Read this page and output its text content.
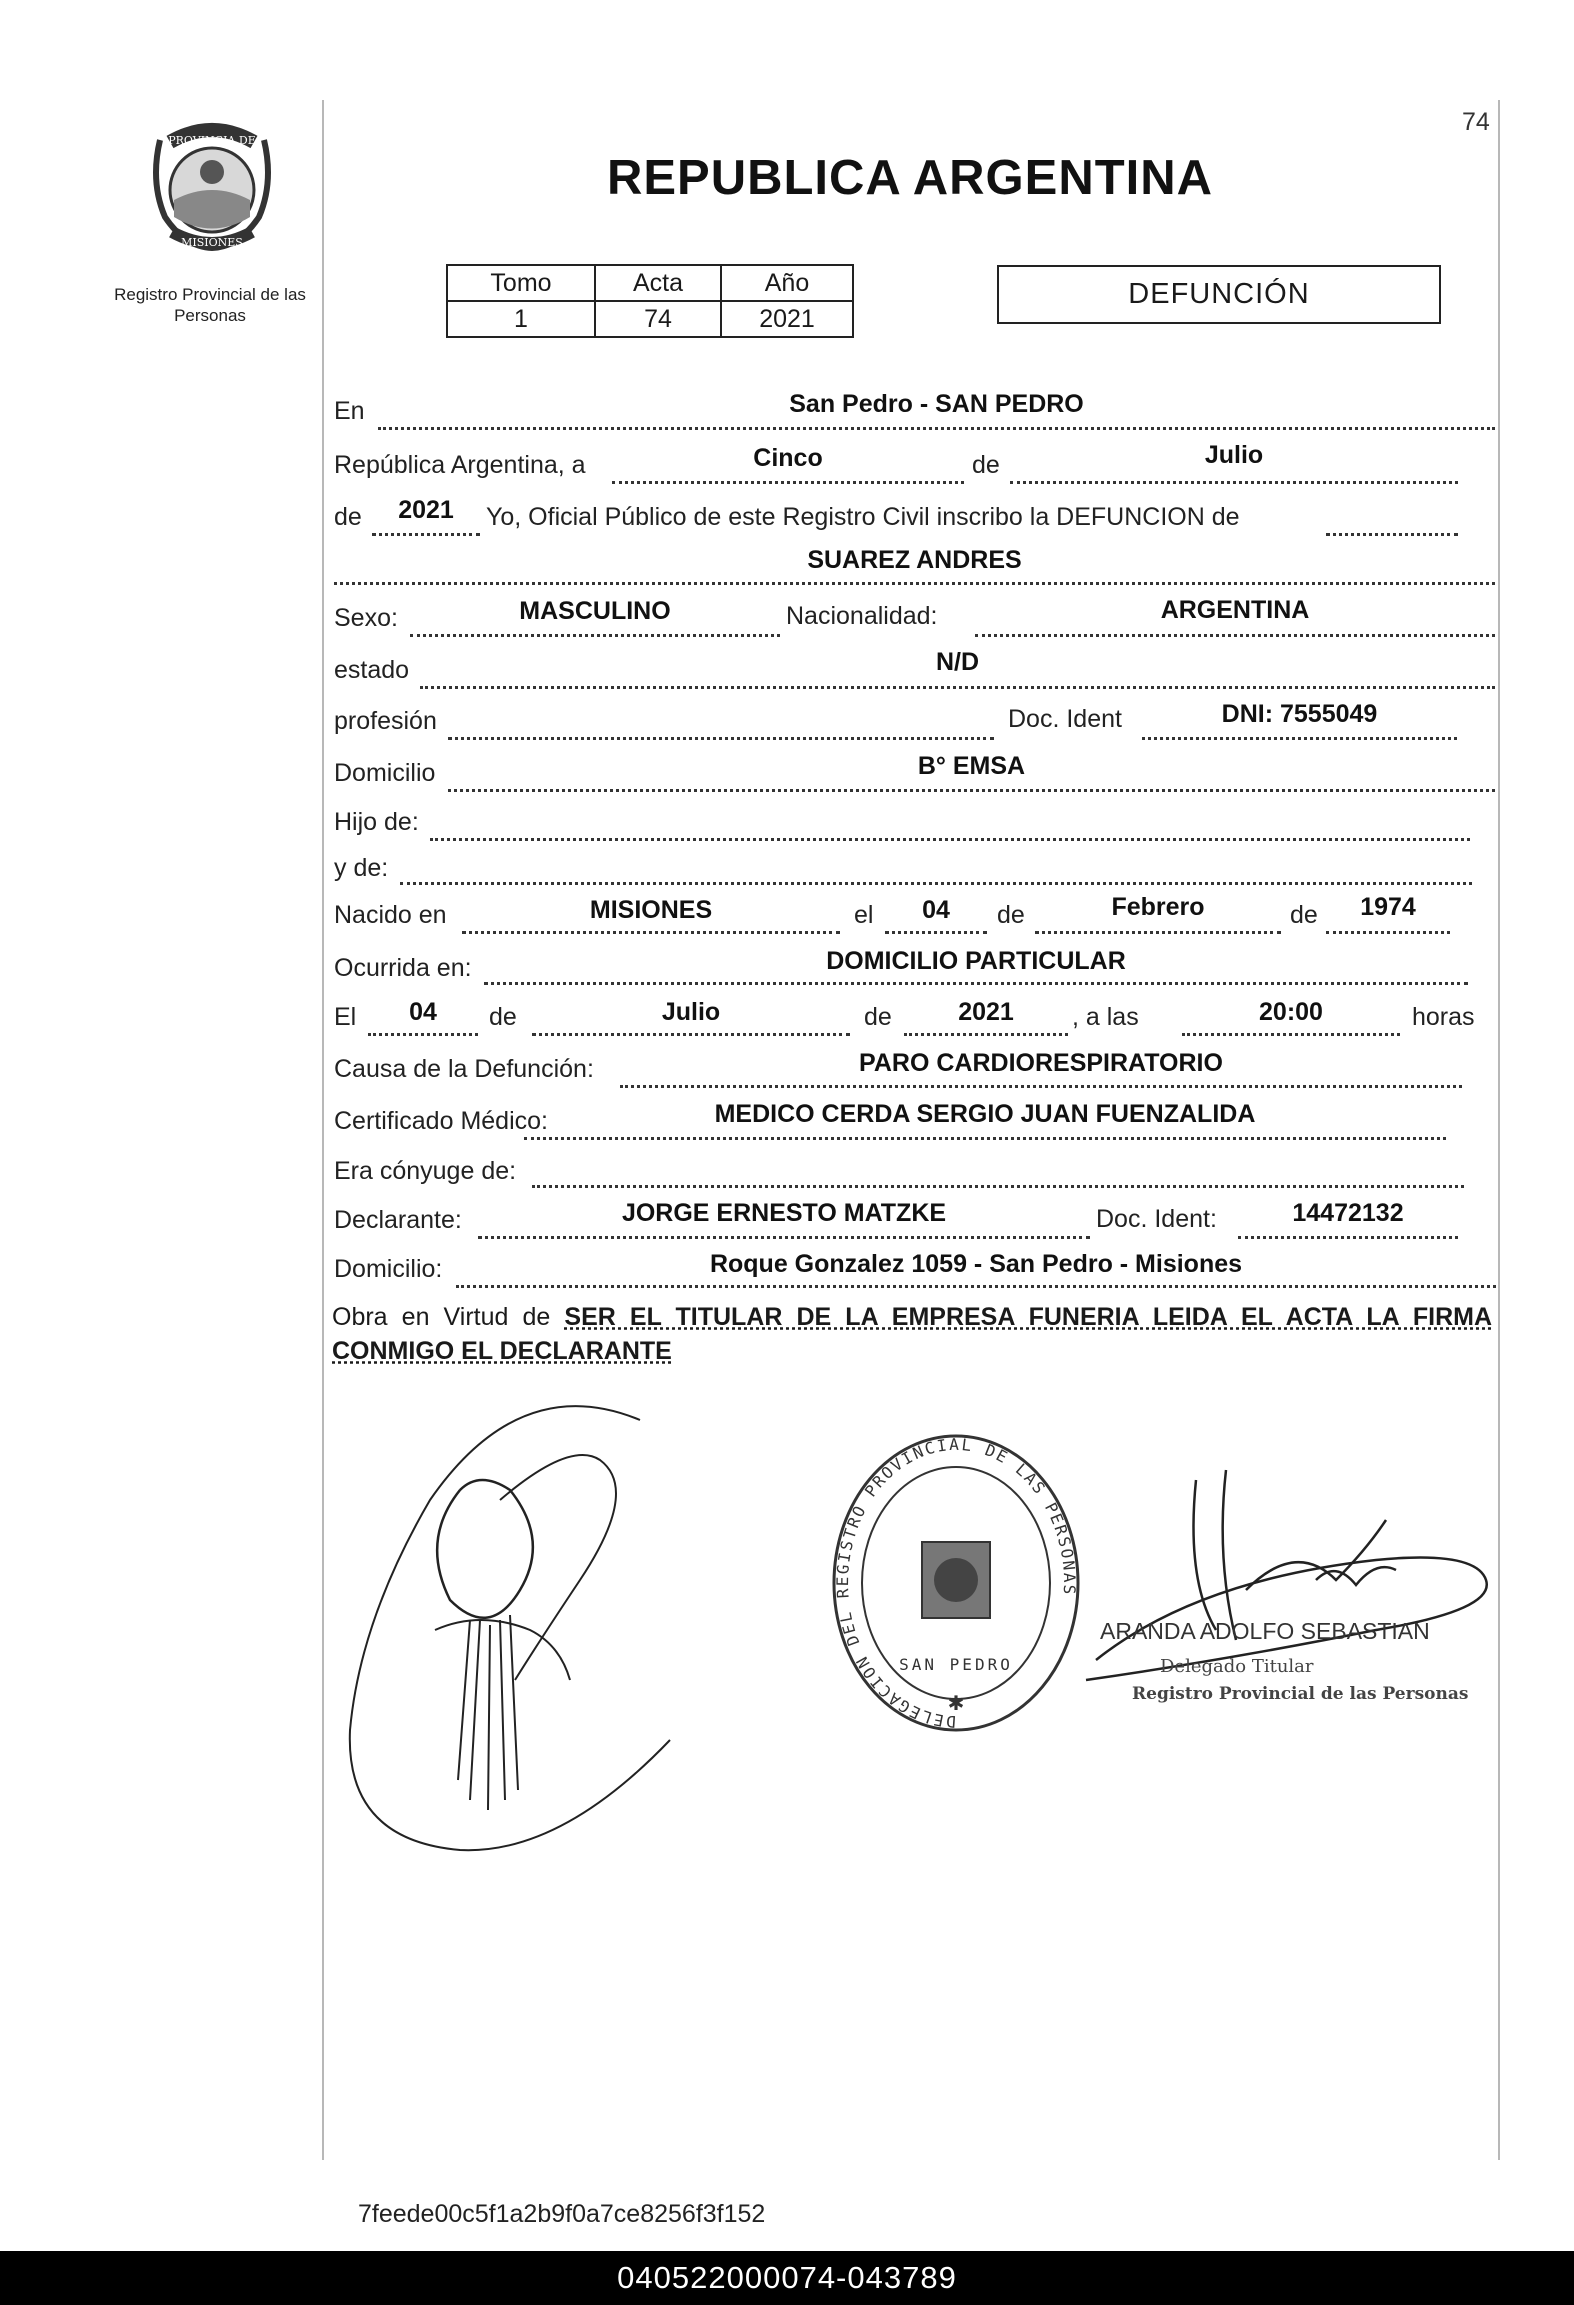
74
PROVINCIA DE
MISIONES
Registro Provincial de las Personas
REPUBLICA ARGENTINA
Tomo	Acta	Año
1	74	2021
DEFUNCIÓN
En	San Pedro - SAN PEDRO
República Argentina, a	Cinco	de	Julio
de	2021	Yo, Oficial Público de este Registro Civil inscribo la DEFUNCION de
SUAREZ ANDRES
Sexo:	MASCULINO	Nacionalidad:	ARGENTINA
estado	N/D
profesión	Doc. Ident	DNI: 7555049
Domicilio	B° EMSA
Hijo de:
y de:
Nacido en	MISIONES	el	04	de	Febrero	de	1974
Ocurrida en:	DOMICILIO PARTICULAR
El	04	de	Julio	de	2021	, a las	20:00	horas
Causa de la Defunción:	PARO CARDIORESPIRATORIO
Certificado Médico:	MEDICO CERDA SERGIO JUAN FUENZALIDA
Era cónyuge de:
Declarante:	JORGE ERNESTO MATZKE	Doc. Ident:	14472132
Domicilio:	Roque Gonzalez 1059 - San Pedro - Misiones
Obra en Virtud de SER EL TITULAR DE LA EMPRESA FUNERIA LEIDA EL ACTA LA FIRMA CONMIGO EL DECLARANTE
DELEGACION DEL REGISTRO PROVINCIAL DE LAS PERSONAS
SAN PEDRO
✱
ARANDA ADOLFO SEBASTIAN
Delegado Titular
Registro Provincial de las Personas
7feede00c5f1a2b9f0a7ce8256f3f152
040522000074-043789
